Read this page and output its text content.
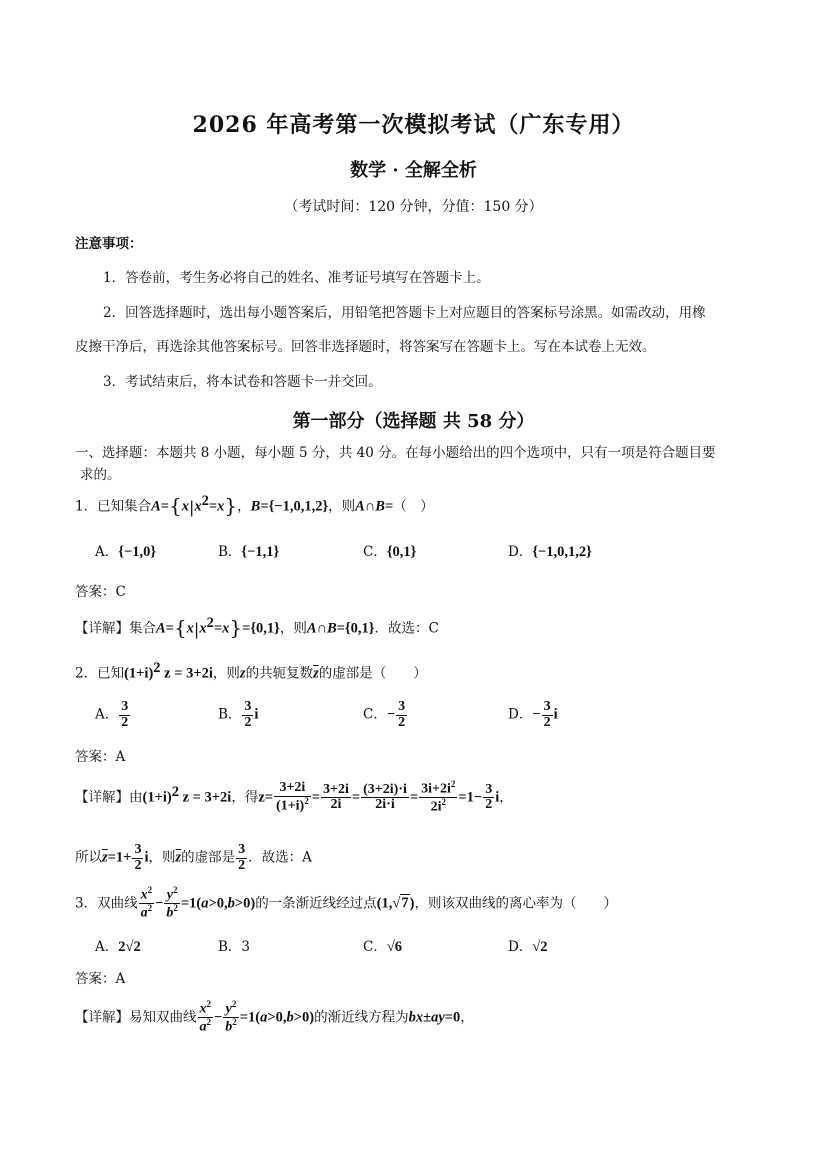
2026 年高考第一次模拟考试（广东专用）
数学 · 全解全析
（考试时间：120 分钟，分值：150 分）
注意事项：
1．答卷前，考生务必将自己的姓名、准考证号填写在答题卡上。
2．回答选择题时，选出每小题答案后，用铅笔把答题卡上对应题目的答案标号涂黑。如需改动，用橡
皮擦干净后，再选涂其他答案标号。回答非选择题时，将答案写在答题卡上。写在本试卷上无效。
3．考试结束后，将本试卷和答题卡一并交回。
第一部分（选择题 共 58 分）
一、选择题：本题共 8 小题，每小题 5 分，共 40 分。在每小题给出的四个选项中，只有一项是符合题目要
求的。
1．已知集合$A=\{x|x^2=x\}$，B={−1,0,1,2}，则A∩B=（　）
A．{−1,0}	B．{−1,1}	C．{0,1}	D．{−1,0,1,2}
答案：C
【详解】集合$A=\{x|x^2=x\}=\{0,1\}$，则A∩B={0,1}．故选：C
2．已知$(1+i)^2$ z = 3+2i，则z的共轭复数$\overline{z}$的虚部是（　　）
A． $\frac{3}{2}$	B． $\frac{3}{2}$ i	C．− $\frac{3}{2}$	D．− $\frac{3}{2}$ i
答案：A
【详解】由$(1+i)^2$ z = 3+2i，得$z= \frac{3+2i}{(1+i)^2} = \frac{3+2i}{2i} = \frac{(3+2i)\cdot i}{2i\cdot i} = \frac{3i+2i^2}{2i^2} =1- \frac{3}{2}$ i，
所以$\overline{z}=1+ \frac{3}{2}$ i，则$\overline{z}$的虚部是 $\frac{3}{2}$ ．故选：A
3．双曲线 $\frac{x^2}{a^2} - \frac{y^2}{b^2} =1(a>0,b>0)$的一条渐近线经过点(1,√7)，则该双曲线的离心率为（　　）
A．2√2	B．3	C．√6	D．√2
答案：A
【详解】易知双曲线 $\frac{x^2}{a^2} - \frac{y^2}{b^2} =1(a>0,b>0)$的渐近线方程为bx±ay=0，
